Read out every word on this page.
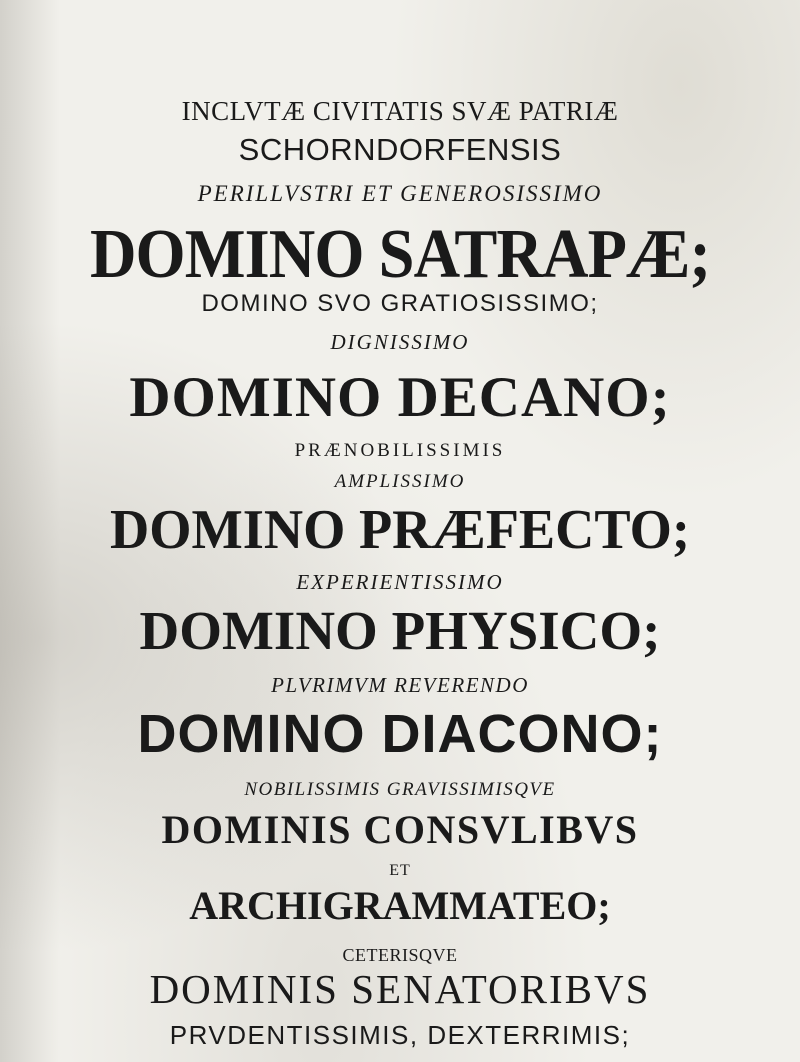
INCLVTÆ CIVITATIS SVÆ PATRIÆ

SCHORNDORFENSIS

PERILLVSTRI ET GENEROSISSIMO

DOMINO SATRAPÆ;

DOMINO SVO GRATIOSISSIMO;

DIGNISSIMO

DOMINO DECANO;

PRÆNOBILISSIMIS

AMPLISSIMO

DOMINO PRÆFECTO;

EXPERIENTISSIMO

DOMINO PHYSICO;

PLVRIMVM REVERENDO

DOMINO DIACONO;

NOBILISSIMIS GRAVISSIMISQVE

DOMINIS CONSVLIBVS

ET

ARCHIGRAMMATEO;

CETERISQVE

DOMINIS SENATORIBVS

PRVDENTISSIMIS, DEXTERRIMIS;
